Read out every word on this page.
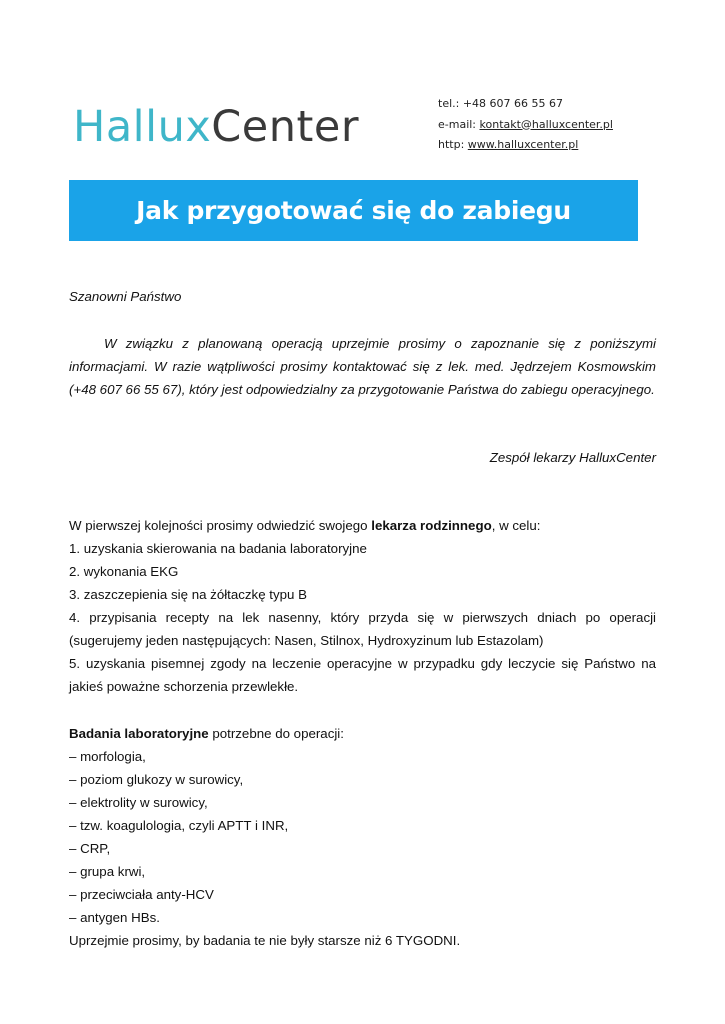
HalluxCenter	tel.: +48 607 66 55 67
e-mail: kontakt@halluxcenter.pl
http: www.halluxcenter.pl
Jak przygotować się do zabiegu

Szanowni Państwo

W związku z planowaną operacją uprzejmie prosimy o zapoznanie się z poniższymi informacjami. W razie wątpliwości prosimy kontaktować się z lek. med. Jędrzejem Kosmowskim (+48 607 66 55 67), który jest odpowiedzialny za przygotowanie Państwa do zabiegu operacyjnego.

Zespół lekarzy HalluxCenter

W pierwszej kolejności prosimy odwiedzić swojego lekarza rodzinnego, w celu:

1. uzyskania skierowania na badania laboratoryjne

2. wykonania EKG

3. zaszczepienia się na żółtaczkę typu B

4. przypisania recepty na lek nasenny, który przyda się w pierwszych dniach po operacji (sugerujemy jeden następujących: Nasen, Stilnox, Hydroxyzinum lub Estazolam)

5. uzyskania pisemnej zgody na leczenie operacyjne w przypadku gdy leczycie się Państwo na jakieś poważne schorzenia przewlekłe.

Badania laboratoryjne potrzebne do operacji:

– morfologia,

– poziom glukozy w surowicy,

– elektrolity w surowicy,

– tzw. koagulologia, czyli APTT i INR,

– CRP,

– grupa krwi,

– przeciwciała anty-HCV

– antygen HBs.

Uprzejmie prosimy, by badania te nie były starsze niż 6 TYGODNI.
